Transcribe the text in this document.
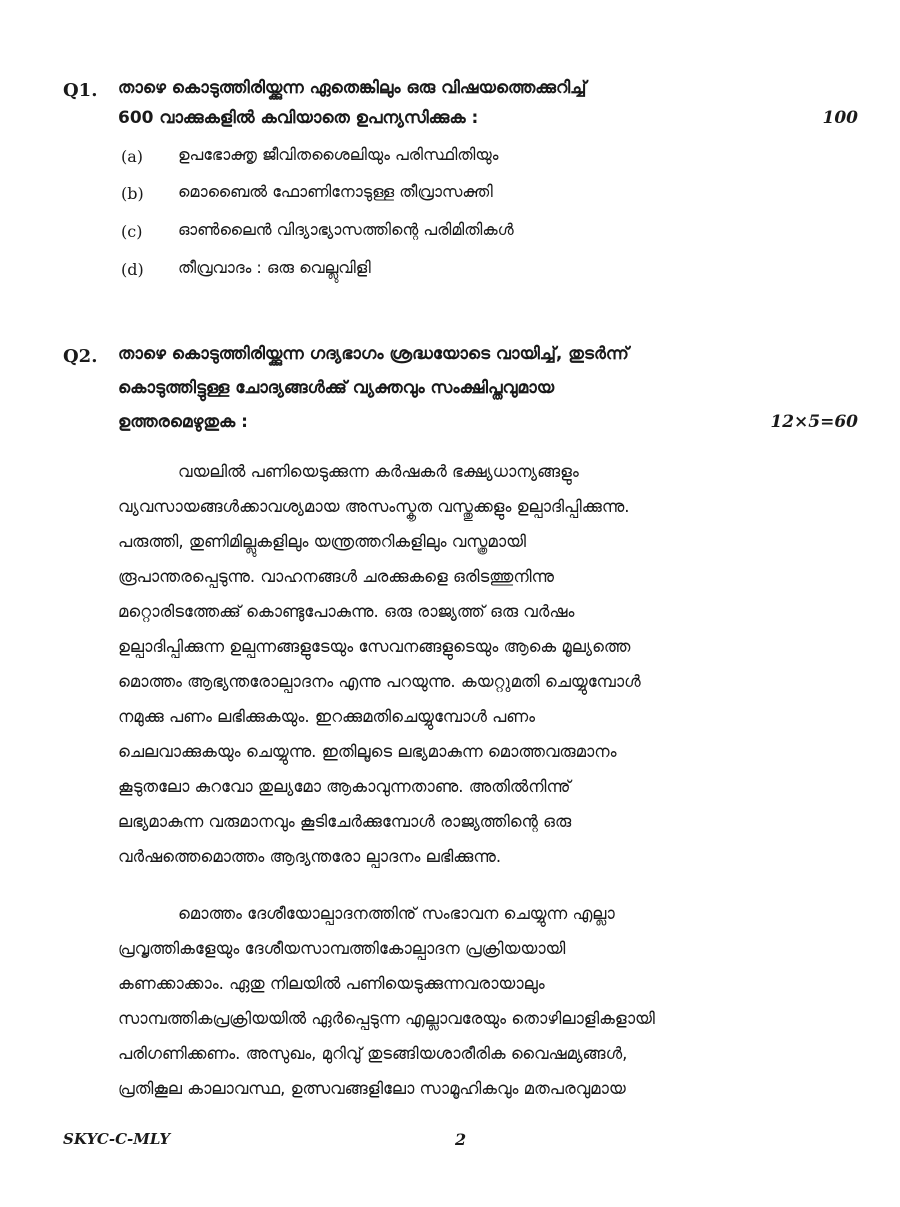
Q1. താഴെ കൊടുത്തിരിയ്ക്കുന്ന ഏതെങ്കിലും ഒരു വിഷയത്തെക്കുറിച്ച്
600 വാക്കുകളിൽ കവിയാതെ ഉപന്യസിക്കുക :	100
(a) ഉപഭോക്തൃ ജീവിതശൈലിയും പരിസ്ഥിതിയും
(b) മൊബൈൽ ഫോണിനോടുള്ള തീവ്രാസക്തി
(c) ഓൺലൈൻ വിദ്യാഭ്യാസത്തിന്റെ പരിമിതികൾ
(d) തീവ്രവാദം : ഒരു വെല്ലുവിളി
Q2. താഴെ കൊടുത്തിരിയ്ക്കുന്ന ഗദ്യഭാഗം ശ്രദ്ധയോടെ വായിച്ച്, തുടർന്ന്
കൊടുത്തിട്ടുള്ള ചോദ്യങ്ങൾക്കു് വ്യക്തവും സംക്ഷിപ്തവുമായ
ഉത്തരമെഴുതുക :	12×5=60
വയലിൽ പണിയെടുക്കുന്ന കർഷകർ ഭക്ഷ്യധാന്യങ്ങളും
വ്യവസായങ്ങൾക്കാവശ്യമായ അസംസ്കൃത വസ്തുക്കളും ഉല്പാദിപ്പിക്കുന്നു.
പരുത്തി, തുണിമില്ലുകളിലും യന്ത്രത്തറികളിലും വസ്ത്രമായി
രൂപാന്തരപ്പെടുന്നു. വാഹനങ്ങൾ ചരക്കുകളെ ഒരിടത്തുനിന്നു
മറ്റൊരിടത്തേക്കു് കൊണ്ടുപോകുന്നു. ഒരു രാജ്യത്ത് ഒരു വർഷം
ഉല്പാദിപ്പിക്കുന്ന ഉല്പന്നങ്ങളുടേയും സേവനങ്ങളുടെയും ആകെ മൂല്യത്തെ
മൊത്തം ആഭ്യന്തരോല്പാദനം എന്നു പറയുന്നു. കയറ്റുമതി ചെയ്യുമ്പോൾ
നമുക്കു പണം ലഭിക്കുകയും. ഇറക്കുമതിചെയ്യുമ്പോൾ പണം
ചെലവാക്കുകയും ചെയ്യുന്നു. ഇതിലൂടെ ലഭ്യമാകുന്ന മൊത്തവരുമാനം
കൂടുതലോ കുറവോ തുല്യമോ ആകാവുന്നതാണു. അതിൽനിന്നു്
ലഭ്യമാകുന്ന വരുമാനവും കൂടിചേർക്കുമ്പോൾ രാജ്യത്തിന്റെ ഒരു
വർഷത്തെമൊത്തം ആദ്യന്തരോ ല്പാദനം ലഭിക്കുന്നു.
മൊത്തം ദേശീയോല്പാദനത്തിനു് സംഭാവന ചെയ്യുന്ന എല്ലാ
പ്രവൃത്തികളേയും ദേശീയസാമ്പത്തികോല്പാദന പ്രക്രിയയായി
കണക്കാക്കാം. ഏതു നിലയിൽ പണിയെടുക്കുന്നവരായാലും
സാമ്പത്തികപ്രക്രിയയിൽ ഏർപ്പെടുന്ന എല്ലാവരേയും തൊഴിലാളികളായി
പരിഗണിക്കണം. അസുഖം, മുറിവു് തുടങ്ങിയശാരീരിക വൈഷമ്യങ്ങൾ,
പ്രതികൂല കാലാവസ്ഥ, ഉത്സവങ്ങളിലോ സാമൂഹികവും മതപരവുമായ
SKYC-C-MLY	2
